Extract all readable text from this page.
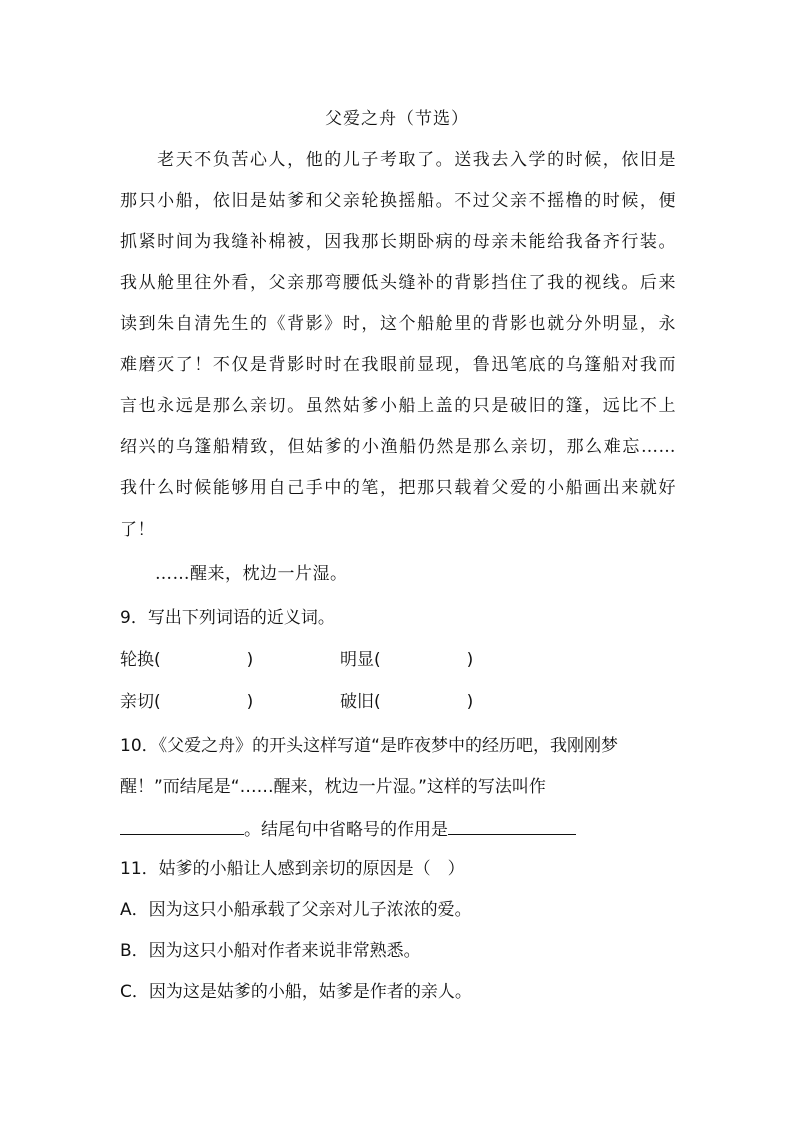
父爱之舟（节选）
　　老天不负苦心人，他的儿子考取了。送我去入学的时候，依旧是
那只小船，依旧是姑爹和父亲轮换摇船。不过父亲不摇橹的时候，便
抓紧时间为我缝补棉被，因我那长期卧病的母亲未能给我备齐行装。
我从舱里往外看，父亲那弯腰低头缝补的背影挡住了我的视线。后来
读到朱自清先生的《背影》时，这个船舱里的背影也就分外明显，永
难磨灭了！不仅是背影时时在我眼前显现，鲁迅笔底的乌篷船对我而
言也永远是那么亲切。虽然姑爹小船上盖的只是破旧的篷，远比不上
绍兴的乌篷船精致，但姑爹的小渔船仍然是那么亲切，那么难忘……
我什么时候能够用自己手中的笔，把那只载着父爱的小船画出来就好
了！
　　……醒来，枕边一片湿。
9．写出下列词语的近义词。
轮换(	)	明显(	)
亲切(	)	破旧(	)
10．《父爱之舟》的开头这样写道“是昨夜梦中的经历吧，我刚刚梦
醒！”而结尾是“……醒来，枕边一片湿。”这样的写法叫作
。结尾句中省略号的作用是
11．姑爹的小船让人感到亲切的原因是（　）
A．因为这只小船承载了父亲对儿子浓浓的爱。
B．因为这只小船对作者来说非常熟悉。
C．因为这是姑爹的小船，姑爹是作者的亲人。
